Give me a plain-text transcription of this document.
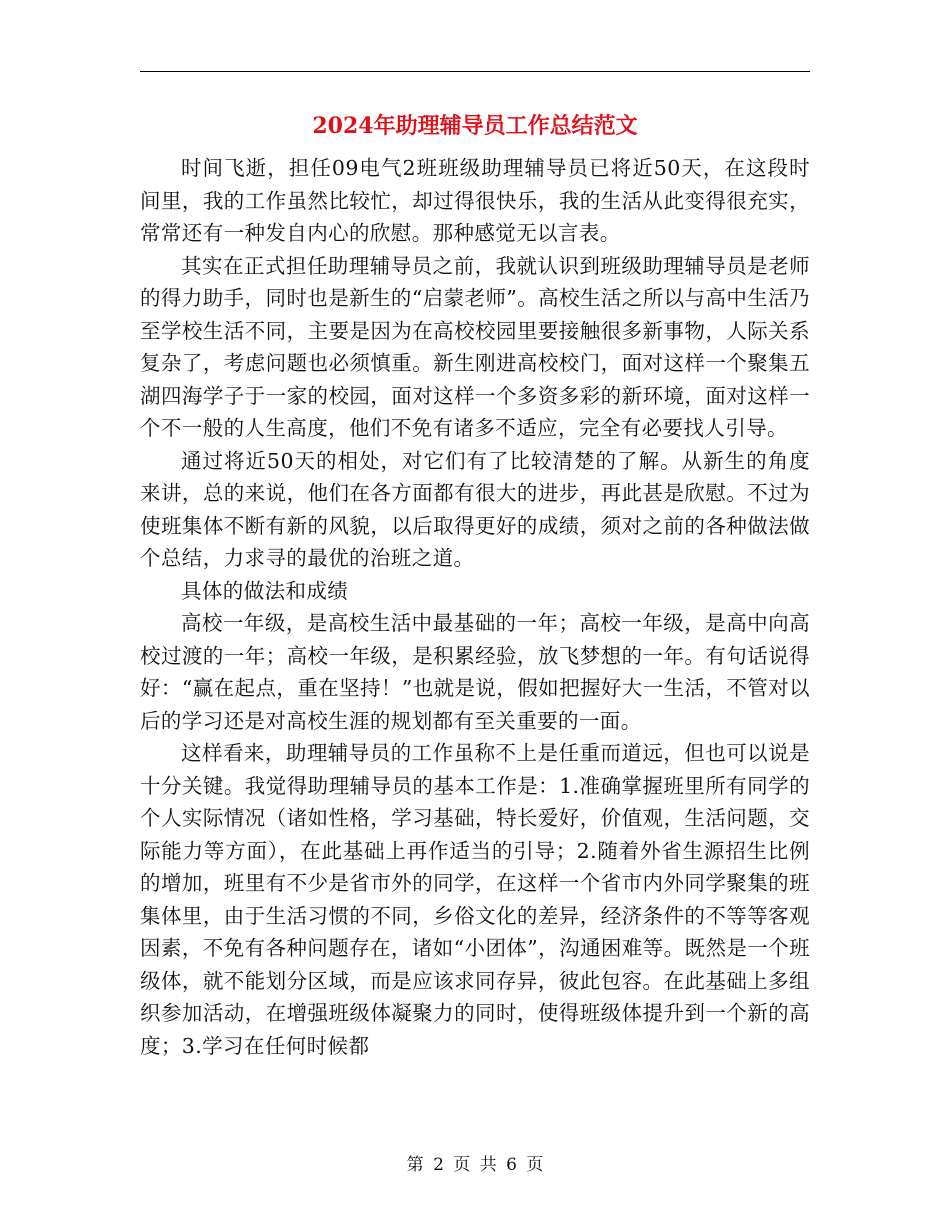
2024年助理辅导员工作总结范文

时间飞逝，担任09电气2班班级助理辅导员已将近50天，在这段时间里，我的工作虽然比较忙，却过得很快乐，我的生活从此变得很充实，常常还有一种发自内心的欣慰。那种感觉无以言表。

其实在正式担任助理辅导员之前，我就认识到班级助理辅导员是老师的得力助手，同时也是新生的“启蒙老师”。高校生活之所以与高中生活乃至学校生活不同，主要是因为在高校校园里要接触很多新事物，人际关系复杂了，考虑问题也必须慎重。新生刚进高校校门，面对这样一个聚集五湖四海学子于一家的校园，面对这样一个多资多彩的新环境，面对这样一个不一般的人生高度，他们不免有诸多不适应，完全有必要找人引导。

通过将近50天的相处，对它们有了比较清楚的了解。从新生的角度来讲，总的来说，他们在各方面都有很大的进步，再此甚是欣慰。不过为使班集体不断有新的风貌，以后取得更好的成绩，须对之前的各种做法做个总结，力求寻的最优的治班之道。

具体的做法和成绩

高校一年级，是高校生活中最基础的一年；高校一年级，是高中向高校过渡的一年；高校一年级，是积累经验，放飞梦想的一年。有句话说得好：“赢在起点，重在坚持！”也就是说，假如把握好大一生活，不管对以后的学习还是对高校生涯的规划都有至关重要的一面。

这样看来，助理辅导员的工作虽称不上是任重而道远，但也可以说是十分关键。我觉得助理辅导员的基本工作是：1.准确掌握班里所有同学的个人实际情况（诸如性格，学习基础，特长爱好，价值观，生活问题，交际能力等方面），在此基础上再作适当的引导；2.随着外省生源招生比例的增加，班里有不少是省市外的同学，在这样一个省市内外同学聚集的班集体里，由于生活习惯的不同，乡俗文化的差异，经济条件的不等等客观因素，不免有各种问题存在，诸如“小团体”，沟通困难等。既然是一个班级体，就不能划分区域，而是应该求同存异，彼此包容。在此基础上多组织参加活动，在增强班级体凝聚力的同时，使得班级体提升到一个新的高度；3.学习在任何时候都

第 2 页 共 6 页
